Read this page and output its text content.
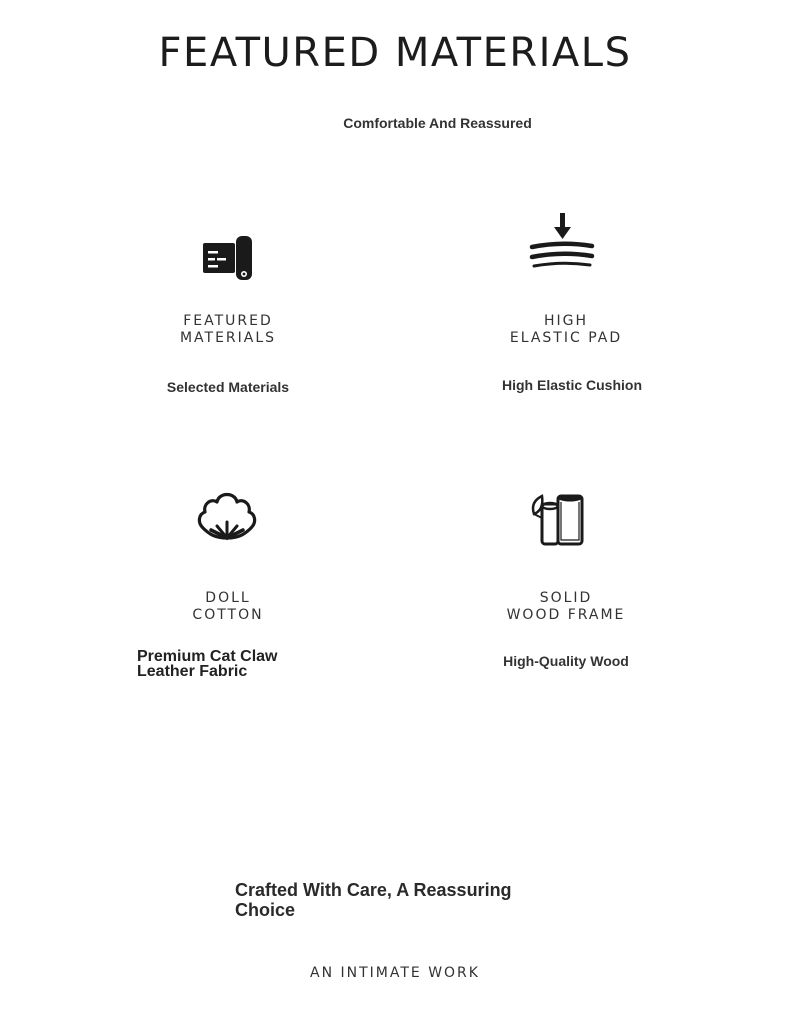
FEATURED MATERIALS
Comfortable And Reassured
FEATURED
MATERIALS
Selected Materials
HIGH
ELASTIC PAD
High Elastic Cushion
DOLL
COTTON
Premium Cat Claw Leather Fabric
SOLID
WOOD FRAME
High-Quality Wood
Crafted With Care, A Reassuring Choice
AN INTIMATE WORK
